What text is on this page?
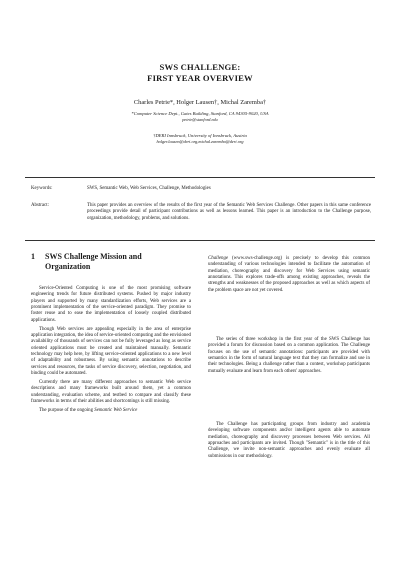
SWS CHALLENGE:
FIRST YEAR OVERVIEW
Charles Petrie*, Holger Lausen†, Michal Zaremba†
*Computer Science Dept., Gates Building, Stanford, CA 94305-9020, USA
petrie@stanford.edu
†DERI Innsbruck, University of Innsbruck, Austria
holger.lausen@deri.org,michal.zaremba@deri.org
Keywords:	SWS, Semantic Web, Web Services, Challenge, Methodologies
Abstract:	This paper provides an overview of the results of the first year of the Semantic Web Services Challenge. Other papers in this same conference proceedings provide detail of participant contributions as well as lessons learned. This paper is an introduction to the Challenge purpose, organization, methodology, problems, and solutions.
1 SWS Challenge Mission and
Organization

Service-Oriented Computing is one of the most promising software engineering trends for future distributed systems. Pushed by major industry players and supported by many standardization efforts, Web services are a prominent implementation of the service-oriented paradigm. They promise to foster reuse and to ease the implementation of loosely coupled distributed applications.

Though Web services are appealing especially in the area of enterprise application integration, the idea of service-oriented computing and the envisioned availability of thousands of services can not be fully leveraged as long as service oriented applications must be created and maintained manually. Semantic technology may help here, by lifting service-oriented applications to a new level of adaptability and robustness. By using semantic annotations to describe services and resources, the tasks of service discovery, selection, negotiation, and binding could be automated.

Currently there are many different approaches to semantic Web service descriptions and many frameworks built around them, yet a common understanding, evaluation scheme, and testbed to compare and classify these frameworks in terms of their abilities and shortcomings is still missing.

The purpose of the ongoing Semantic Web Service

Challenge (www.sws-challenge.org) is precisely to develop this common understanding of various technologies intended to facilitate the automation of mediation, choreography and discovery for Web Services using semantic annotations. This explores trade-offs among existing approaches, reveals the strengths and weaknesses of the proposed approaches as well as which aspects of the problem space are not yet covered.

The series of three workshop in the first year of the SWS Challenge has provided a forum for discussion based on a common application. The Challenge focuses on the use of semantic annotations: participants are provided with semantics in the form of natural language text that they can formalize and use in their technologies. Being a challenge rather than a contest, workshop participants mutually evaluate and learn from each others' approaches.

The Challenge has participating groups from industry and academia developing software components and/or intelligent agents able to automate mediation, choreography and discovery processes between Web services. All approaches and participants are invited. Though "Semantic" is in the title of this Challenge, we invite non-semantic approaches and evenly evaluate all submissions in our methodology.
